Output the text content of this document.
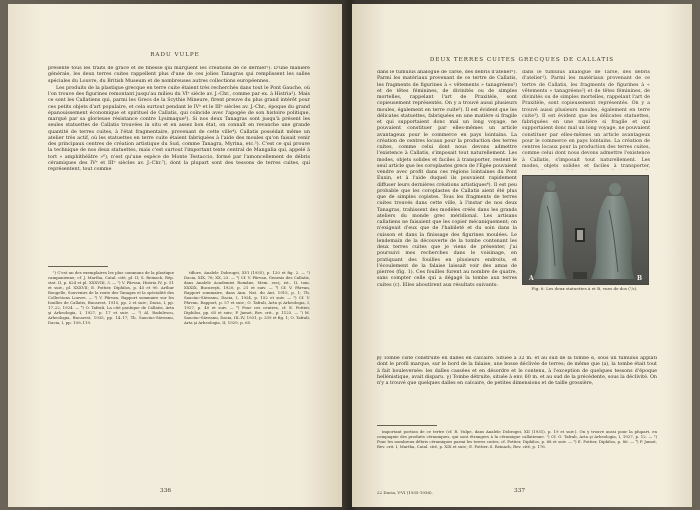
RADU VULPE

présente tous les traits de grâce et de finesse qui marquent les créations de ce dernier¹). D'une manière générale, les deux terres cuites rappellent plus d'une de ces jolies Tanagras qui remplissent les salles spéciales du Louvre, du British Museum et de nombreuses autres collections européennes.

Les produits de la plastique grecque en terre cuite étaient très recherchés dans tout le Pont Gauche, où l'on trouve des figurines remontant jusqu'au milieu du VIᵉ siècle av. J.-Chr., comme par ex. à Histria²). Mais ce sont les Callatiens qui, parmi les Grecs de la Scythie Mineure, firent preuve du plus grand intérêt pour ces petits objets d'art populaire, et cela surtout pendant le IVᵉ et le IIIᵉ siècles av. J.-Chr., époque du grand épanouissement économique et spirituel de Callatis, qui coïncide avec l'apogée de son histoire politique, marqué par sa glorieuse résistance contre Lysimaque³). Si nos deux Tanagras sont jusqu'à présent les seules statuettes de Callatis trouvées in situ et en assez bon état, on connaît en revanche une grande quantité de terres cuites, à l'état fragmentaire, provenant de cette ville⁴). Callatis possédait même un atelier très actif, où les statuettes en terre cuite étaient fabriquées à l'aide des moules qu'on faisait venir des principaux centres de création artistique du Sud, comme Tanagra, Myrina, etc.⁵). C'est ce qui prouve la technique de nos deux statuettes, mais c'est surtout l'important texte central de Mangalia qui, appelé à tort « amphithéâtre »⁶), n'est qu'une espèce de Monte Testaccio, formé par l'amoncellement de débris céramiques des IVᵉ et IIIᵉ siècles av. J.-Chr.⁷), dont la plupart sont des tessons de terres cuites, qui représentent, tout comme

¹) C'est un des exemplaires les plus communs de la plastique campanienne; cf. J. Martha, Catal. cité, pl. II; S. Reinach, Rép. stat. II, p. 624 et pl. XXXVIII, 3. — ²) V. Pârvan, Histria IV, p. 51 et suiv., pl. XXXVII; E. Pottier, Diphilos, p. 45 et 90. Arthur Rougelle, Souvenirs de la route des Tanagra et la spécialité des Collections Louvre. — ³) V. Pârvan, Rapport sommaire sur les fouilles de Callatis, Bucarest, 1915, pp. 2 et suiv.; Dacia, I, pp. 17–22, 1924. — ⁴) O. Tafrali, La cité pontique de Callatis, Arta şi Arheologia, I, 1927, p. 17 et suiv. — ⁵) Al. Radulescu, Arheologia, Bucarest, 1935, pp. 14–17; Th. Sauciuc-Săveanu, Dacia, I, pp. 109–119.

tiflore, Analele Dobrogei, XVI (1935), p. 120 et fig. 2. — ²) Dacia, XIX, 76; XX, 23. — ³) Cf. V. Pârvan, Genesis des Callatis, dans Analele Academiei Române, Mem. secţ. ist., II, tom. XXXIX, Bucureşti, 1920, p. 21 et suiv. — ⁴) Cf. V. Pârvan, Rapport sommaire, dans Ann. Nat. du Ant. 1915, p. 1; Th. Sauciuc-Săveanu, Dacia, I, 1924, p. 152 et suiv. — ⁵) Cf. V. Pârvan, Rapport, p. 57 et suiv.; O. Tafrali, Arta şi Arheologia, I, 1927, p. 40 et suiv. — ⁶) Pour ces centres, cf. E. Pottier, Diphilos, pp. 65 et suiv.; P. Jamot, Rev. crit., p. 1125. — ⁷) M. Sauciuc-Săveanu, Dacia, III–IV, 1931, p. 339 et fig. 1; O. Tafrali, Arta şi Arheologia, II, 1929, p. 65.

336
DEUX TERRES CUITES GRECQUES DE CALLATIS

dans le tumulus analogue de Tarse, des débris d'atelier¹). Parmi les matériaux provenant de ce tertre de Callatis, les fragments de figurines à « vêtements » tanagréens²) et de têtes féminines, de divinités ou de simples mortelles, rappelant l'art de Praxitèle, sont copieusement représentés. On y a trouvé aussi plusieurs moules, également en terre cuite³). Il est évident que les délicates statuettes, fabriquées en une matière si fragile et qui supportaient donc mal un long voyage, ne pouvaient constituer par elles-mêmes un article avantageux pour le commerce en pays lointains. La création de centres locaux pour la production des terres cuites, comme celui dont nous devons admettre l'existence à Callatis, s'imposait tout naturellement. Les modes, objets solides et faciles à transporter, restent le seul article que les coroplastes grecs de l'Égée pouvaient vendre avec profit dans ces régions lointaines du Pont Euxin, et à l'aide duquel ils pouvaient rapidement diffuser leurs dernières créations artistiques⁴). Il est peu probable que les coroplastes de Callatis aient été plus que de simples copistes. Tous les fragments de terres cuites trouvés dans cette ville, à l'instar de nos deux Tanagras, trahissent des modèles créés dans les grands ateliers du monde grec méridional. Les artisans callatiens ne faisaient que les copier mécaniquement; on n'exigeait d'eux que de l'habileté et du soin dans la cuisson et dans la finissage des figurines moulées. Le lendemain de la découverte de la tombe contenant les deux terres cuites que je viens de présenter, j'ai poursuivi mes recherches dans le voisinage, en pratiquant des fouilles en plusieurs endroits, et l'écoulement de la falaise laissait voir des amas de pierres (fig. 1). Ces fouilles furent au nombre de quatre, sans compter celle qui a dégagé la tombe aux terres cuites (c). Elles aboutirent aux résultats suivants:

dans le tumulus analogue de Tarse, des débris d'atelier¹). Parmi les matériaux provenant de ce tertre de Callatis, les fragments de figurines à « vêtements » tanagréens²) et de têtes féminines, de divinités ou de simples mortelles, rappelant l'art de Praxitèle, sont copieusement représentés. On y a trouvé aussi plusieurs moules, également en terre cuite³). Il est évident que les délicates statuettes, fabriquées en une matière si fragile et qui supportaient donc mal un long voyage, ne pouvaient constituer par elles-mêmes un article avantageux pour le commerce en pays lointains. La création de centres locaux pour la production des terres cuites, comme celui dont nous devons admettre l'existence à Callatis, s'imposait tout naturellement. Les modes, objets solides et faciles à transporter,

A	B
Fig. 6. Les deux statuettes à et B, vues de dos (¹/₂).

β) Tombe ciste construite en dalles en calcaire. Située à 32 m. et au sud de la tombe α, sous un tumulus applati dont le profil marque, sur le bord de la falaise, une bosse déclivée de terres; de même que (a), la tombe était tout à fait bouleversée: les dalles cassées et en désordre et le contenu, à l'exception de quelques tessons d'époque hellénistique, avait disparu. γ) Tombe détruite, située à env. 60 m. et au sud de la précédente, sous la déclivité. On n'y a trouvé que quelques dalles en calcaire, de petites dimensions et de taille grossière,

important portion de ce tertre (cf. R. Vulpe, dans Analele Dobrogei, XII (1931), p. 19 et suiv.). On y trouve aussi pour la plupart, en compagnie des produits céramiques, qui sont étrangers à la céramique callatienne. ¹) Cf. O. Tafrali, Arta şi Arheologia, I, 1927, p. 12. — ²) Pour les nombreux débris céramiques parmi les terres cuites, cf. Pottier, Diphilos, p. 68 et suiv. — ³) E. Pottier, Diphilos, p. 86. — ⁴) P. Jamot, Rev. crit. I, Martha, Catal. cité, p. XIX et suiv.; E. Pottier–S. Reinach, Rev. cité, p. 176.

22 Dacia, V-VI (1935-1936).	337
